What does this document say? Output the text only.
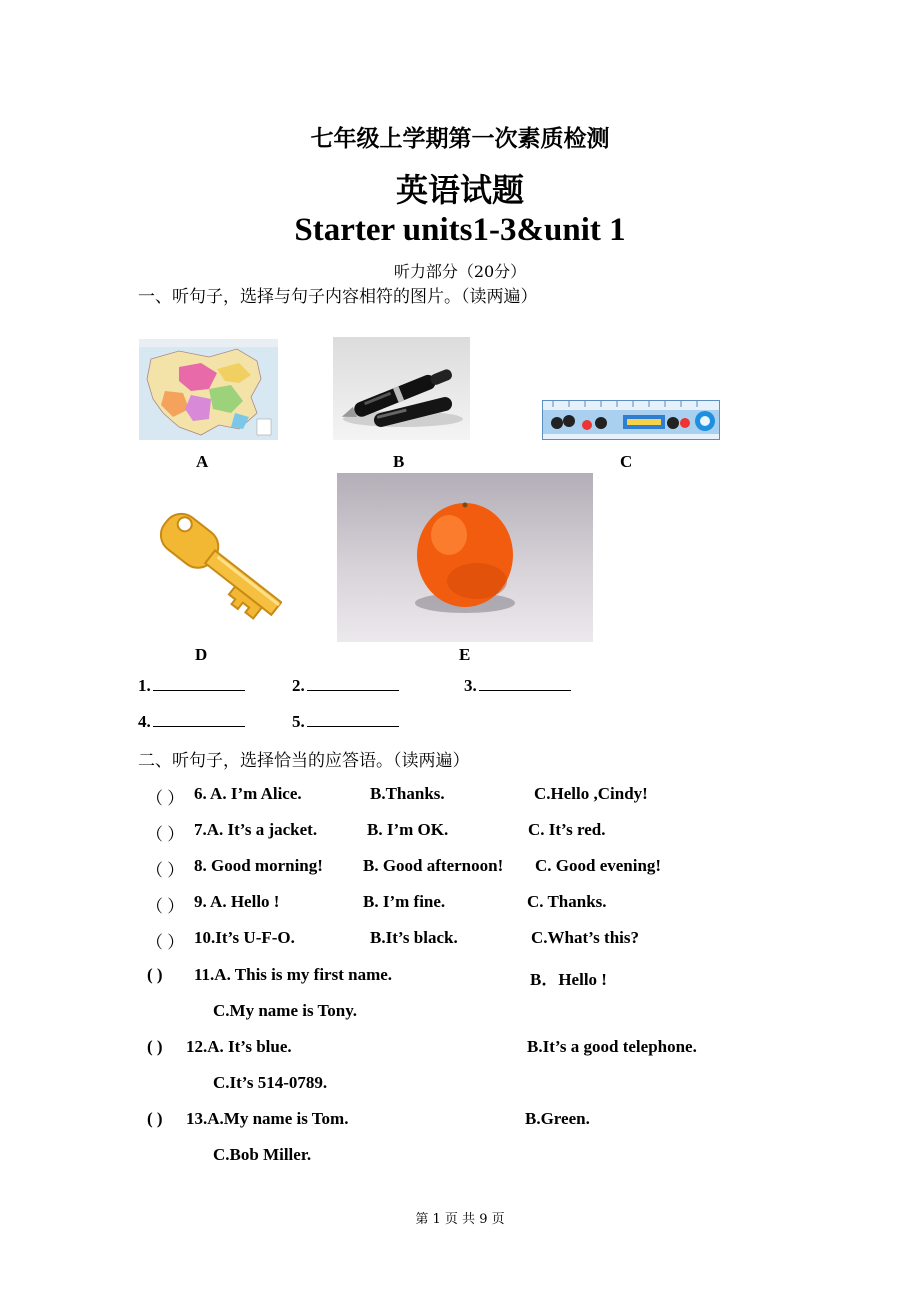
七年级上学期第一次素质检测
英语试题
Starter units1-3&unit 1
听力部分（20分）
一、听句子，选择与句子内容相符的图片。（读两遍）
A	B	C
D	E
1.	2.	3.
4.	5.
二、听句子，选择恰当的应答语。（读两遍）
（ ） 6. A. I’m Alice.	B.Thanks.	C.Hello ,Cindy!
（ ） 7.A. It’s a jacket.	B. I’m OK.	C. It’s red.
（ ） 8. Good morning! B. Good afternoon! C. Good evening!
（ ） 9. A. Hello !	B. I’m fine.	C. Thanks.
（ ） 10.It’s U-F-O.	B.It’s black.	C.What’s this?
( ) 11.A. This is my first name.	B．Hello !
C.My name is Tony.
( ) 12.A. It’s blue.	B.It’s a good telephone.
C.It’s 514-0789.
( ) 13.A.My name is Tom.	B.Green.
C.Bob Miller.
第 1 页 共 9 页
